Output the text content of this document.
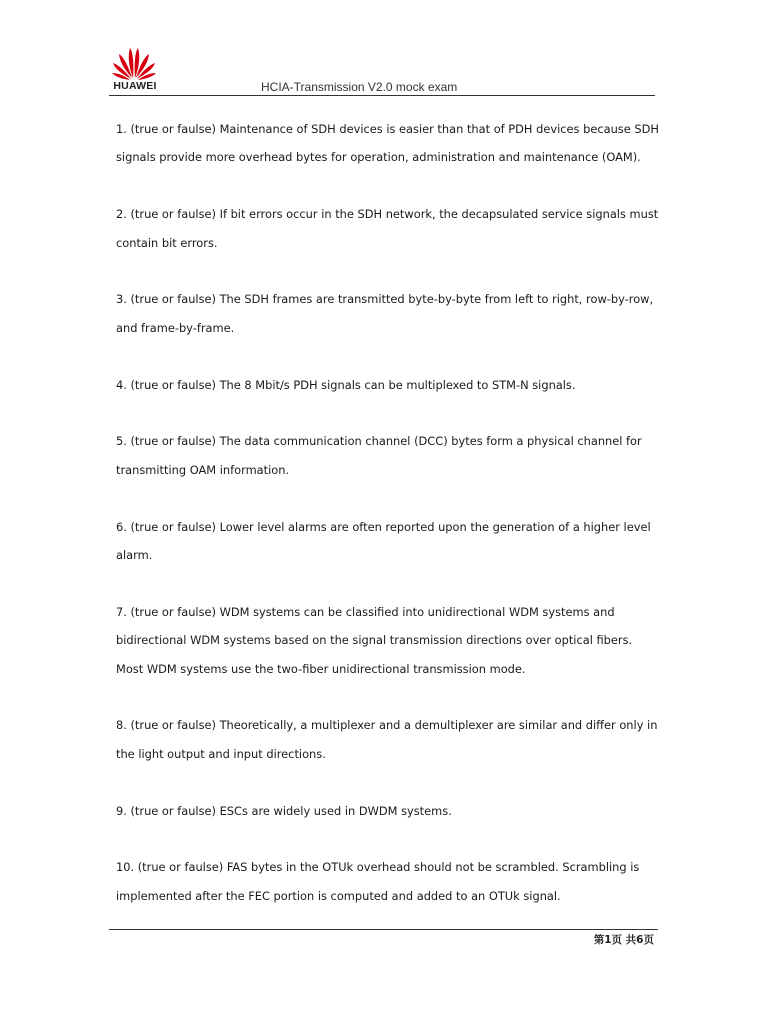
HUAWEI	HCIA-Transmission V2.0 mock exam
1. (true or faulse) Maintenance of SDH devices is easier than that of PDH devices because SDH signals provide more overhead bytes for operation, administration and maintenance (OAM).
2. (true or faulse) If bit errors occur in the SDH network, the decapsulated service signals must contain bit errors.
3. (true or faulse) The SDH frames are transmitted byte-by-byte from left to right, row-by-row, and frame-by-frame.
4. (true or faulse) The 8 Mbit/s PDH signals can be multiplexed to STM-N signals.
5. (true or faulse) The data communication channel (DCC) bytes form a physical channel for transmitting OAM information.
6. (true or faulse) Lower level alarms are often reported upon the generation of a higher level alarm.
7. (true or faulse) WDM systems can be classified into unidirectional WDM systems and bidirectional WDM systems based on the signal transmission directions over optical fibers. Most WDM systems use the two-fiber unidirectional transmission mode.
8. (true or faulse) Theoretically, a multiplexer and a demultiplexer are similar and differ only in the light output and input directions.
9. (true or faulse) ESCs are widely used in DWDM systems.
10. (true or faulse) FAS bytes in the OTUk overhead should not be scrambled. Scrambling is implemented after the FEC portion is computed and added to an OTUk signal.
第1页 共6页
